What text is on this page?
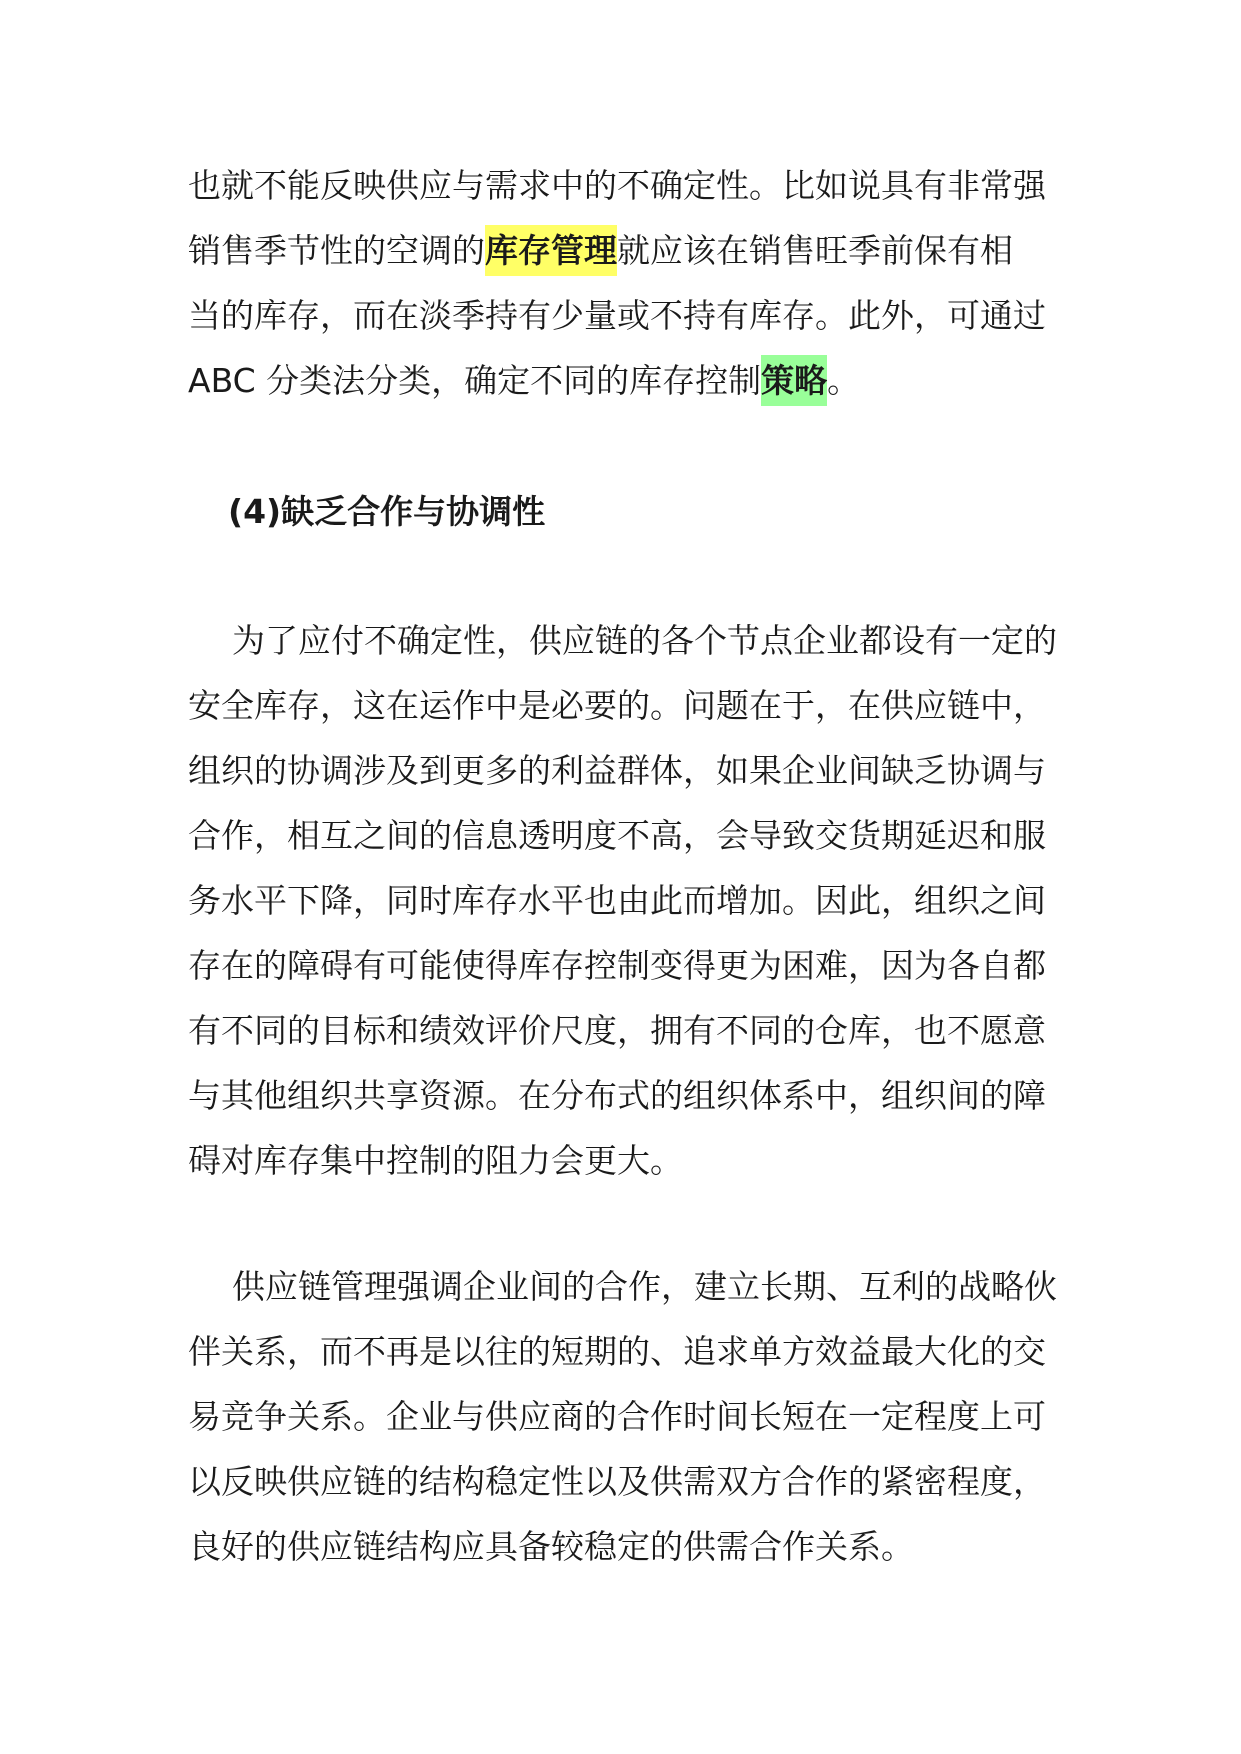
也就不能反映供应与需求中的不确定性。比如说具有非常强
销售季节性的空调的库存管理就应该在销售旺季前保有相
当的库存，而在淡季持有少量或不持有库存。此外，可通过
ABC 分类法分类，确定不同的库存控制策略。
(4)缺乏合作与协调性
为了应付不确定性，供应链的各个节点企业都设有一定的
安全库存，这在运作中是必要的。问题在于，在供应链中，
组织的协调涉及到更多的利益群体，如果企业间缺乏协调与
合作，相互之间的信息透明度不高，会导致交货期延迟和服
务水平下降，同时库存水平也由此而增加。因此，组织之间
存在的障碍有可能使得库存控制变得更为困难，因为各自都
有不同的目标和绩效评价尺度，拥有不同的仓库，也不愿意
与其他组织共享资源。在分布式的组织体系中，组织间的障
碍对库存集中控制的阻力会更大。
供应链管理强调企业间的合作，建立长期、互利的战略伙
伴关系，而不再是以往的短期的、追求单方效益最大化的交
易竞争关系。企业与供应商的合作时间长短在一定程度上可
以反映供应链的结构稳定性以及供需双方合作的紧密程度，
良好的供应链结构应具备较稳定的供需合作关系。
